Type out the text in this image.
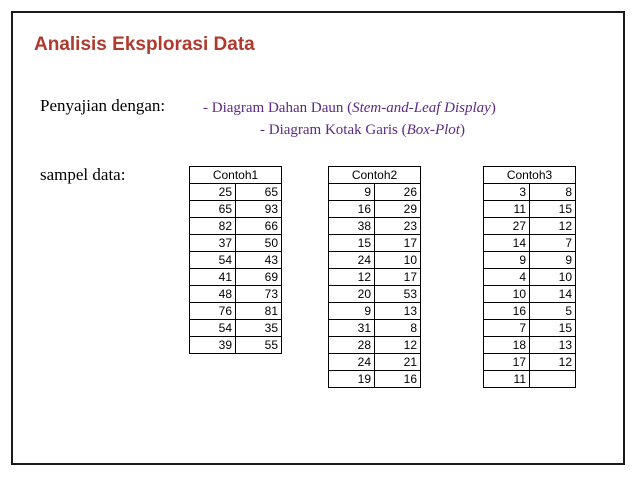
Analisis Eksplorasi Data
Penyajian dengan:	- Diagram Dahan Daun (Stem-and-Leaf Display)
- Diagram Kotak Garis (Box-Plot)
sampel data:	Contoh1	
25	65
65	93
82	66
37	50
54	43
41	69
48	73
76	81
54	35
39	55
Contoh2	
9	26
16	29
38	23
15	17
24	10
12	17
20	53
9	13
31	8
28	12
24	21
19	16
Contoh3	
3	8
11	15
27	12
14	7
9	9
4	10
10	14
16	5
7	15
18	13
17	12
11	
